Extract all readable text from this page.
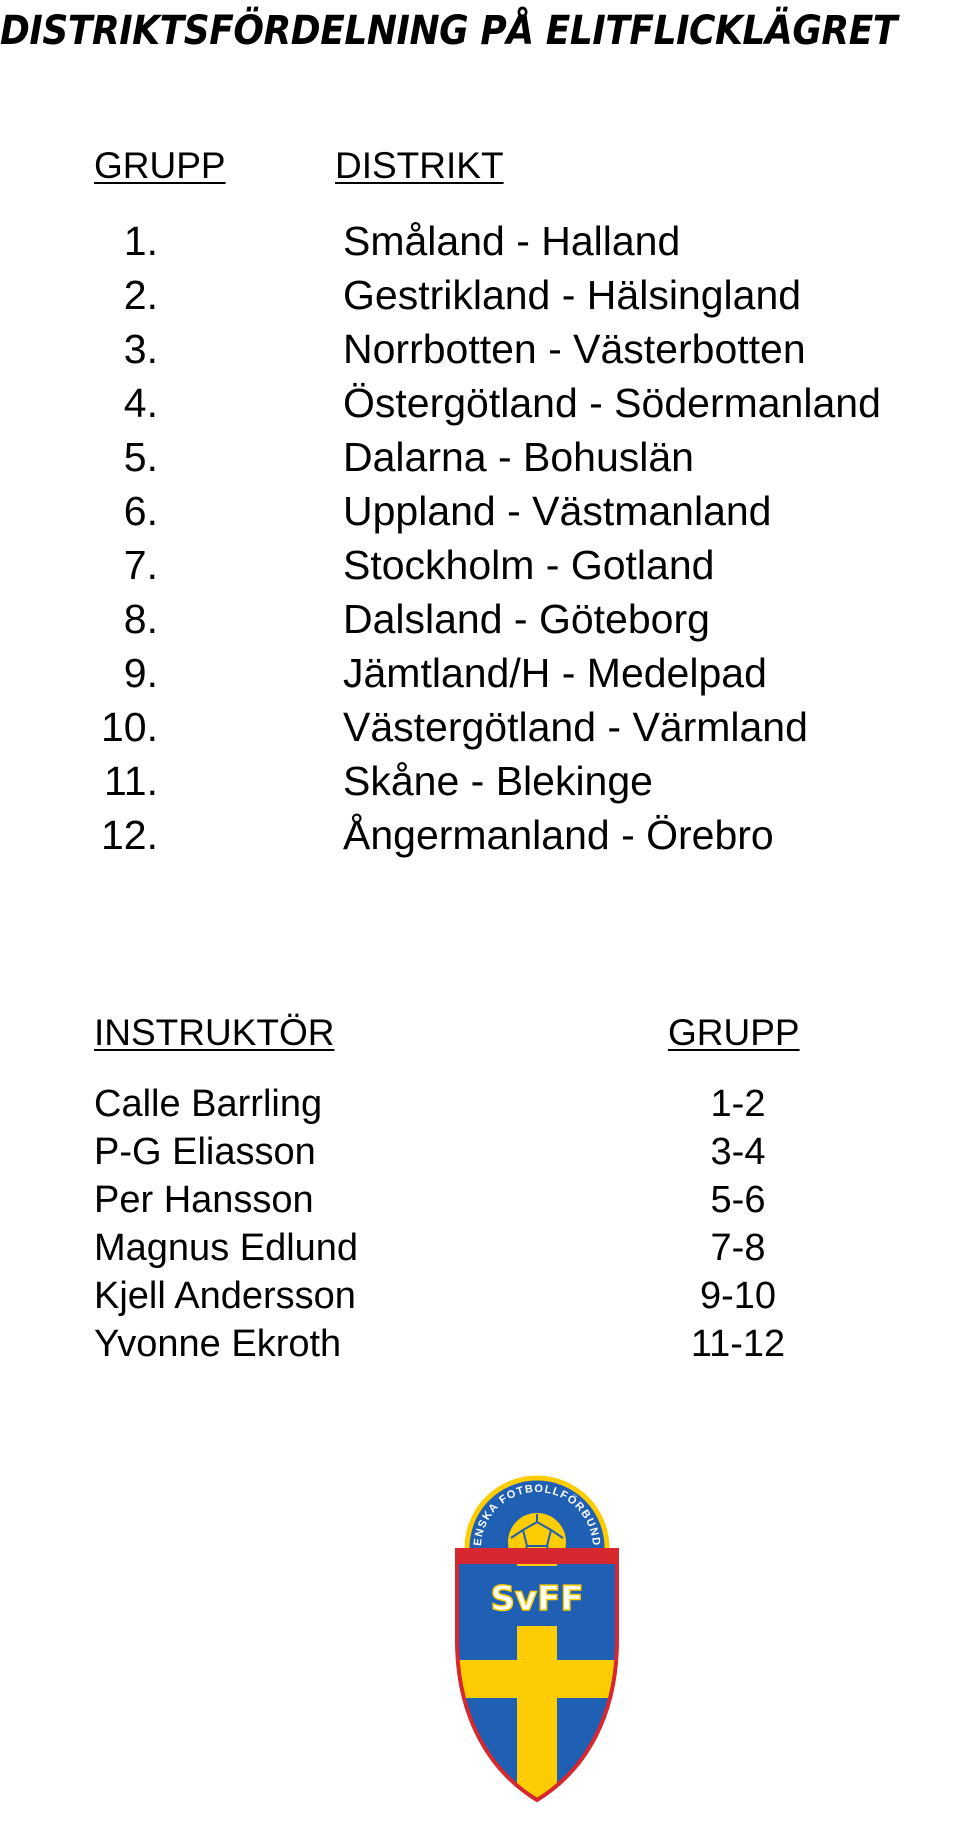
DISTRIKTSFÖRDELNING PÅ ELITFLICKLÄGRET
GRUPP	DISTRIKT
1.	Småland - Halland
2.	Gestrikland - Hälsingland
3.	Norrbotten - Västerbotten
4.	Östergötland - Södermanland
5.	Dalarna - Bohuslän
6.	Uppland - Västmanland
7.	Stockholm - Gotland
8.	Dalsland - Göteborg
9.	Jämtland/H - Medelpad
10.	Västergötland - Värmland
11.	Skåne - Blekinge
12.	Ångermanland - Örebro
INSTRUKTÖR	GRUPP
Calle Barrling	1-2
P-G Eliasson	3-4
Per Hansson	5-6
Magnus Edlund	7-8
Kjell Andersson	9-10
Yvonne Ekroth	11-12
ENSKA FOTBOLLFÖRBUND
SvFF
